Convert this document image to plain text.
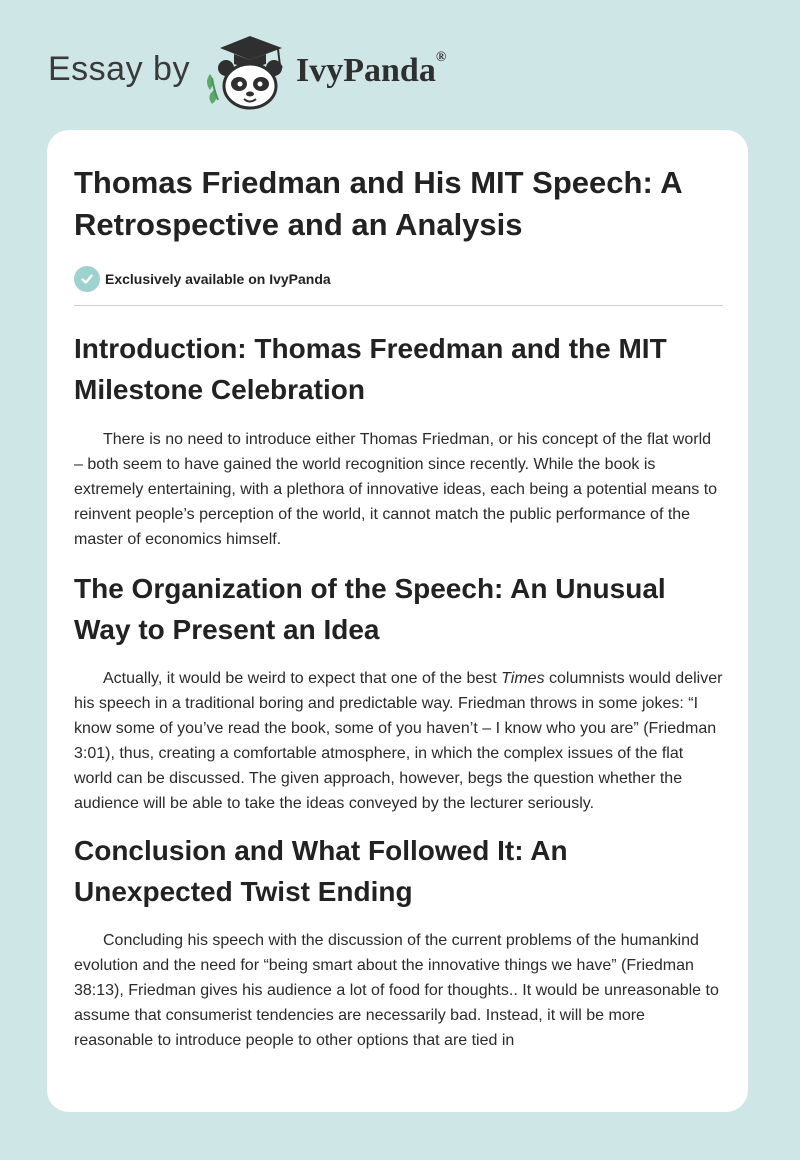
Essay by	IvyPanda®
Thomas Friedman and His MIT Speech: A Retrospective and an Analysis
Exclusively available on IvyPanda
Introduction: Thomas Freedman and the MIT Milestone Celebration

There is no need to introduce either Thomas Friedman, or his concept of the flat world – both seem to have gained the world recognition since recently. While the book is extremely entertaining, with a plethora of innovative ideas, each being a potential means to reinvent people’s perception of the world, it cannot match the public performance of the master of economics himself.

The Organization of the Speech: An Unusual Way to Present an Idea

Actually, it would be weird to expect that one of the best Times columnists would deliver his speech in a traditional boring and predictable way. Friedman throws in some jokes: “I know some of you’ve read the book, some of you haven’t – I know who you are” (Friedman 3:01), thus, creating a comfortable atmosphere, in which the complex issues of the flat world can be discussed. The given approach, however, begs the question whether the audience will be able to take the ideas conveyed by the lecturer seriously.

Conclusion and What Followed It: An Unexpected Twist Ending

Concluding his speech with the discussion of the current problems of the humankind evolution and the need for “being smart about the innovative things we have” (Friedman 38:13), Friedman gives his audience a lot of food for thoughts.. It would be unreasonable to assume that consumerist tendencies are necessarily bad. Instead, it will be more reasonable to introduce people to other options that are tied in
